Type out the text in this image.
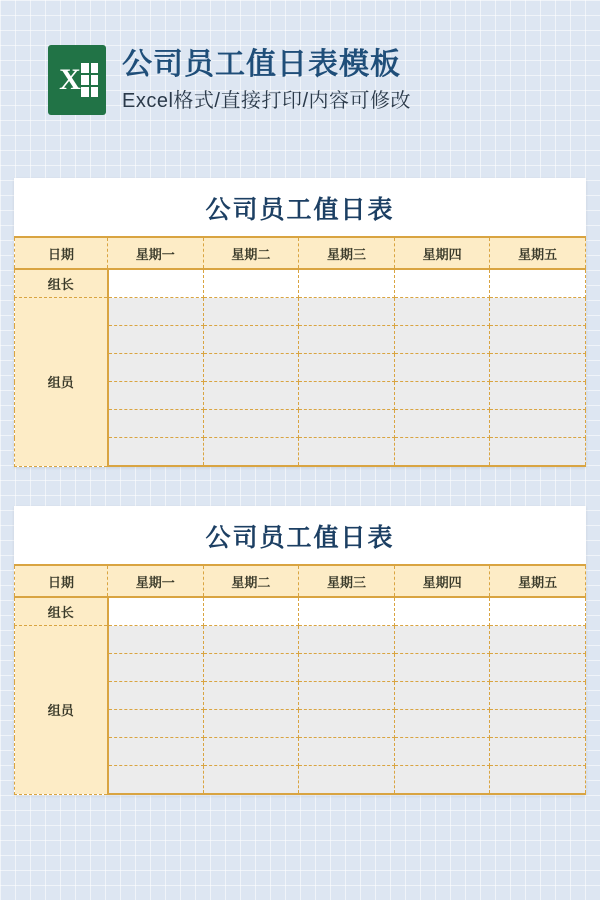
X 公司员工值日表模板

Excel格式/直接打印/内容可修改

公司员工值日表
日期	星期一	星期二	星期三	星期四	星期五
组长					
组员					

公司员工值日表
日期	星期一	星期二	星期三	星期四	星期五
组长					
组员					
